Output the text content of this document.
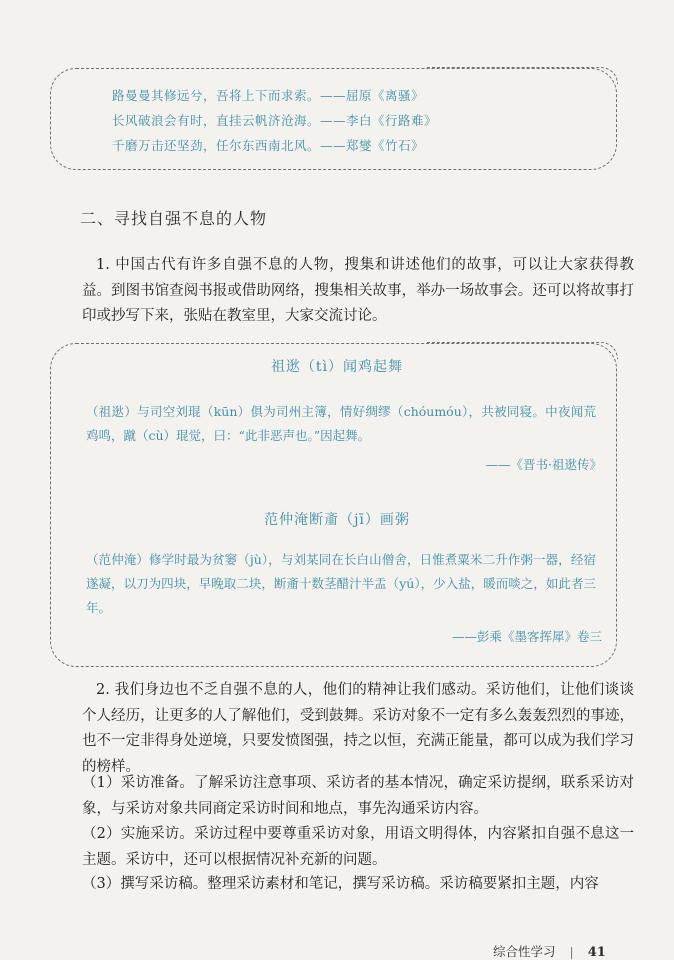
路曼曼其修远兮，吾将上下而求索。——屈原《离骚》
长风破浪会有时，直挂云帆济沧海。——李白《行路难》
千磨万击还坚劲，任尔东西南北风。——郑燮《竹石》
二、寻找自强不息的人物
1. 中国古代有许多自强不息的人物，搜集和讲述他们的故事，可以让大家获得教益。到图书馆查阅书报或借助网络，搜集相关故事，举办一场故事会。还可以将故事打印或抄写下来，张贴在教室里，大家交流讨论。
祖逖（tì）闻鸡起舞
（祖逖）与司空刘琨（kūn）俱为司州主簿，情好绸缪（chóumóu），共被同寝。中夜闻荒鸡鸣，蹴（cù）琨觉，曰：“此非恶声也。”因起舞。
——《晋书·祖逖传》
范仲淹断齑（jī）画粥
（范仲淹）修学时最为贫窭（jù），与刘某同在长白山僧舍，日惟煮粟米二升作粥一器，经宿遂凝，以刀为四块，早晚取二块，断齑十数茎醋汁半盂（yú），少入盐，暖而啖之，如此者三年。
——彭乘《墨客挥犀》卷三
2. 我们身边也不乏自强不息的人，他们的精神让我们感动。采访他们，让他们谈谈个人经历，让更多的人了解他们，受到鼓舞。采访对象不一定有多么轰轰烈烈的事迹，也不一定非得身处逆境，只要发愤图强，持之以恒，充满正能量，都可以成为我们学习的榜样。
（1）采访准备。了解采访注意事项、采访者的基本情况，确定采访提纲，联系采访对象，与采访对象共同商定采访时间和地点，事先沟通采访内容。
（2）实施采访。采访过程中要尊重采访对象，用语文明得体，内容紧扣自强不息这一主题。采访中，还可以根据情况补充新的问题。
（3）撰写采访稿。整理采访素材和笔记，撰写采访稿。采访稿要紧扣主题，内容
综合性学习 | 41
